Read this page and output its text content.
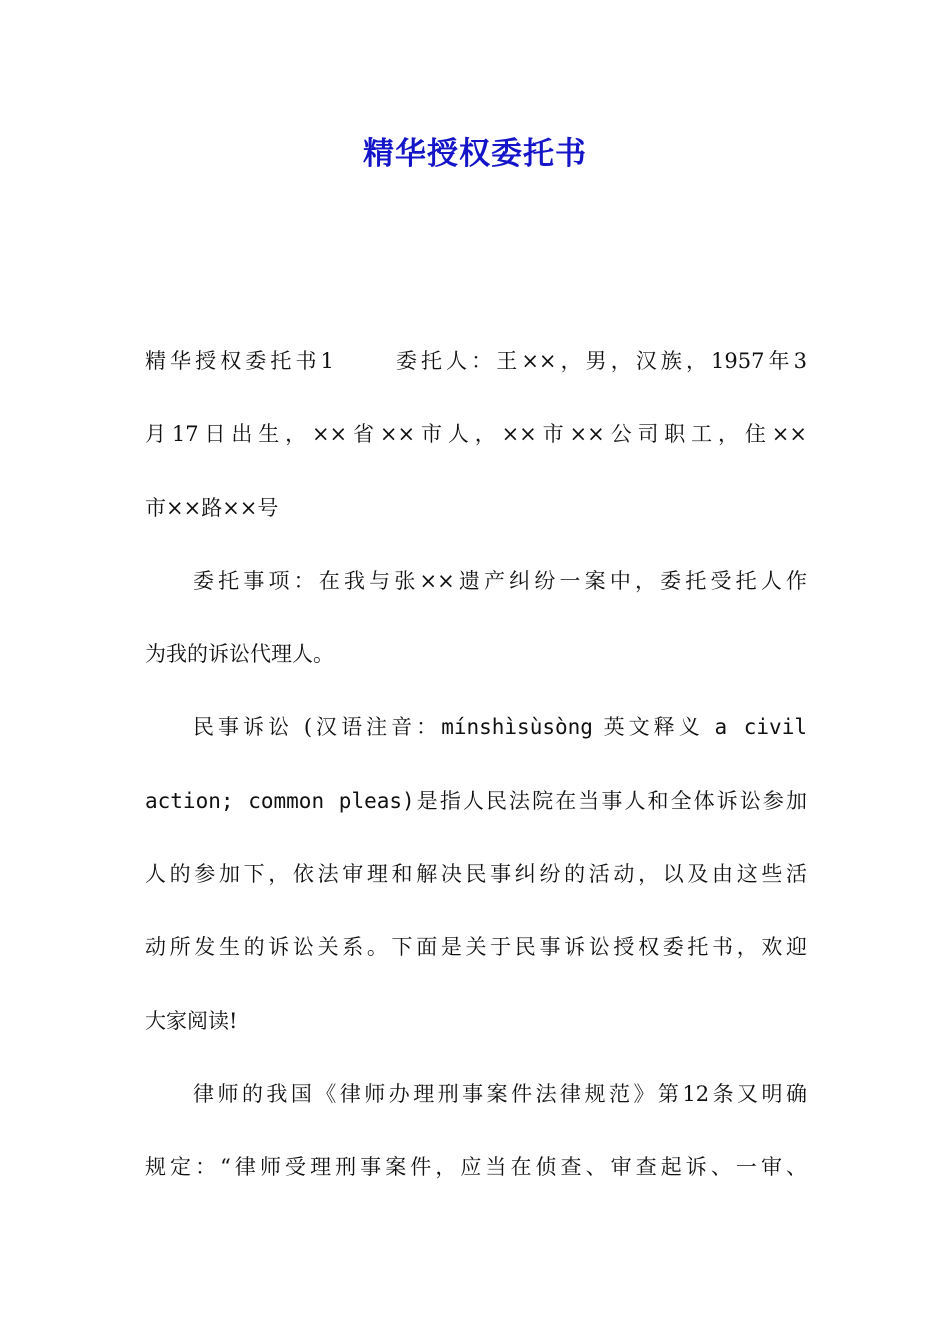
精华授权委托书
精华授权委托书1	委托人：王××，男，汉族，1957年3
月17日出生，××省××市人，××市××公司职工，住××
市××路××号
委托事项：在我与张××遗产纠纷一案中，委托受托人作
为我的诉讼代理人。
民事诉讼 (汉语注音：mínshìsùsòng 英文释义 a civil
action; common pleas)是指人民法院在当事人和全体诉讼参加
人的参加下，依法审理和解决民事纠纷的活动，以及由这些活
动所发生的诉讼关系。下面是关于民事诉讼授权委托书，欢迎
大家阅读!
律师的我国《律师办理刑事案件法律规范》第12条又明确
规定：“律师受理刑事案件，应当在侦查、审查起诉、一审、
